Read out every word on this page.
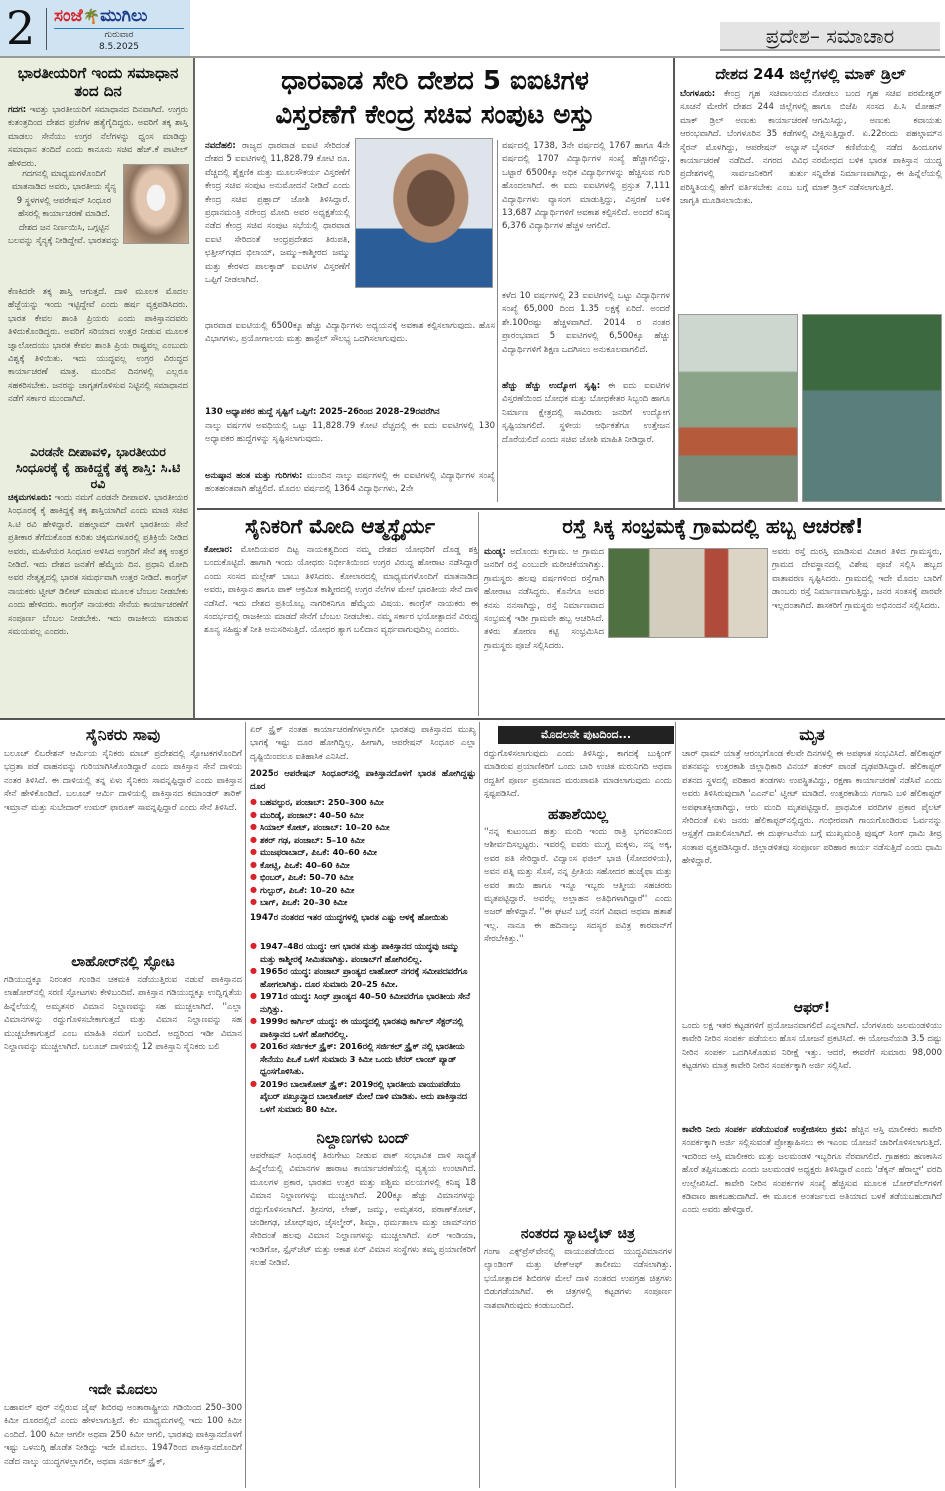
2 ಸಂಜೆ🌴ಮುಗಿಲು
ಗುರುವಾರ
8.5.2025	ಪ್ರದೇಶ– ಸಮಾಚಾರ
ಭಾರತೀಯರಿಗೆ ಇಂದು ಸಮಾಧಾನ ತಂದ ದಿನ
ಗದಗ: ಇವತ್ತು ಭಾರತೀಯರಿಗೆ ಸಮಾಧಾನದ ದಿನವಾಗಿದೆ. ಉಗ್ರರು ಕುತಂತ್ರದಿಂದ ದೇಶದ ಪ್ರಜೆಗಳ ಹತ್ಯೆಗೈದಿದ್ದರು. ಅವರಿಗೆ ತಕ್ಕ ಶಾಸ್ತಿ ಮಾಡಲು ಸೇನೆಯು ಉಗ್ರರ ನೆಲೆಗಳನ್ನು ಧ್ವಂಸ ಮಾಡಿದ್ದು ಸಮಾಧಾನ ತಂದಿದೆ ಎಂದು ಕಾನೂನು ಸಚಿವ ಹೆಚ್.ಕೆ ಪಾಟೀಲ್ ಹೇಳಿದರು.
ಗದಗನಲ್ಲಿ ಮಾಧ್ಯಮಗಳೊಂದಿಗೆ ಮಾತನಾಡಿದ ಅವರು, ಭಾರತೀಯ ಸೈನ್ಯ 9 ಸ್ಥಳಗಳಲ್ಲಿ ಆಪರೇಷನ್ ಸಿಂಧೂರ ಹೆಸರಲ್ಲಿ ಕಾರ್ಯಾಚರಣೆ ಮಾಡಿದೆ. ದೇಶದ ಜನ ನಿರ್ಣಯಿಸಿ, ಒಗ್ಗಟ್ಟಿನ ಬಲವನ್ನು ಸೈನ್ಯಕ್ಕೆ ನೀಡಿದ್ದೇವೆ. ಭಾರತವನ್ನು
ಕೆಣಕಿದರೇ ತಕ್ಕ ಶಾಸ್ತಿ ಆಗುತ್ತದೆ. ದಾಳಿ ಮೂಲಕ ಮೊದಲ ಹೆಜ್ಜೆಯನ್ನು ಇಂದು ಇಟ್ಟಿದ್ದೇವೆ ಎಂದು ಹರ್ಷ ವ್ಯಕ್ತಪಡಿಸಿದರು. ಭಾರತ ಕೇವಲ ಶಾಂತಿ ಪ್ರಿಯರು ಎಂದು ಪಾಕಿಸ್ತಾನದವರು ತಿಳಿದುಕೊಂಡಿದ್ದರು. ಅವರಿಗೆ ಸರಿಯಾದ ಉತ್ತರ ನೀಡುವ ಮೂಲಕ ಜ್ವಾಲೋದಯು ಭಾರತ ಕೇವಲ ಶಾಂತಿ ಪ್ರಿಯ ರಾಷ್ಟ್ರವಲ್ಲ ಎಂಬುದು ವಿಶ್ವಕ್ಕೆ ತಿಳಿಯಿತು. ಇದು ಯುದ್ಧವಲ್ಲ ಉಗ್ರರ ವಿರುದ್ಧದ ಕಾರ್ಯಾಚರಣೆ ಮಾತ್ರ. ಮುಂದಿನ ದಿನಗಳಲ್ಲಿ ಎಲ್ಲರೂ ಸಹಕರಿಸಬೇಕು. ಜನರನ್ನು ಜಾಗೃತಗೊಳಿಸುವ ನಿಟ್ಟಿನಲ್ಲಿ ಸಮಾಧಾನದ ನಡೆಗೆ ಸರ್ಕಾರ ಮುಂದಾಗಿದೆ.
ಎರಡನೇ ದೀಪಾವಳಿ, ಭಾರತೀಯರ ಸಿಂಧೂರಕ್ಕೆ ಕೈ ಹಾಕಿದ್ದಕ್ಕೆ ತಕ್ಕ ಶಾಸ್ತಿ: ಸಿ.ಟಿ ರವಿ
ಚಿಕ್ಕಮಗಳೂರು: ಇಂದು ನಮಗೆ ಎರಡನೇ ದೀಪಾವಳಿ. ಭಾರತೀಯರ ಸಿಂಧೂರಕ್ಕೆ ಕೈ ಹಾಕಿದ್ದಕ್ಕೆ ತಕ್ಕ ಶಾಸ್ತಿಯಾಗಿದೆ ಎಂದು ಮಾಜಿ ಸಚಿವ ಸಿ.ಟಿ ರವಿ ಹೇಳಿದ್ದಾರೆ. ಪಹಲ್ಗಾಮ್ ದಾಳಿಗೆ ಭಾರತೀಯ ಸೇನೆ ಪ್ರತೀಕಾರ ತೆಗೆದುಕೊಂಡ ಕುರಿತು ಚಿಕ್ಕಮಗಳೂರಲ್ಲಿ ಪ್ರತಿಕ್ರಿಯೆ ನೀಡಿದ ಅವರು, ಮಹಿಳೆಯರ ಸಿಂಧೂರ ಅಳಿಸಿದ ಉಗ್ರರಿಗೆ ಸೇನೆ ತಕ್ಕ ಉತ್ತರ ನೀಡಿದೆ. ಇದು ದೇಶದ ಜನತೆಗೆ ಹೆಮ್ಮೆಯ ದಿನ. ಪ್ರಧಾನಿ ಮೋದಿ ಅವರ ನೇತೃತ್ವದಲ್ಲಿ ಭಾರತ ಸಮರ್ಥವಾಗಿ ಉತ್ತರ ನೀಡಿದೆ. ಕಾಂಗ್ರೆಸ್ ನಾಯಕರು ಟ್ವೀಟ್ ಡಿಲೀಟ್ ಮಾಡುವ ಮೂಲಕ ಬೆಂಬಲ ನೀಡಬೇಕು ಎಂದು ಹೇಳಿದರು. ಕಾಂಗ್ರೆಸ್ ನಾಯಕರು ಸೇನೆಯ ಕಾರ್ಯಾಚರಣೆಗೆ ಸಂಪೂರ್ಣ ಬೆಂಬಲ ನೀಡಬೇಕು. ಇದು ರಾಜಕೀಯ ಮಾಡುವ ಸಮಯವಲ್ಲ ಎಂದರು.
ಧಾರವಾಡ ಸೇರಿ ದೇಶದ 5 ಐಐಟಿಗಳ
ವಿಸ್ತರಣೆಗೆ ಕೇಂದ್ರ ಸಚಿವ ಸಂಪುಟ ಅಸ್ತು
ನವದೆಹಲಿ: ರಾಜ್ಯದ ಧಾರವಾಡ ಐಐಟಿ ಸೇರಿದಂತೆ ದೇಶದ 5 ಐಐಟಿಗಳಲ್ಲಿ 11,828.79 ಕೋಟಿ ರೂ. ವೆಚ್ಚದಲ್ಲಿ ಶೈಕ್ಷಣಿಕ ಮತ್ತು ಮೂಲಸೌಕರ್ಯ ವಿಸ್ತರಣೆಗೆ ಕೇಂದ್ರ ಸಚಿವ ಸಂಪುಟ ಅನುಮೋದನೆ ನೀಡಿದೆ ಎಂದು ಕೇಂದ್ರ ಸಚಿವ ಪ್ರಹ್ಲಾದ್ ಜೋಶಿ ತಿಳಿಸಿದ್ದಾರೆ. ಪ್ರಧಾನಮಂತ್ರಿ ನರೇಂದ್ರ ಮೋದಿ ಅವರ ಅಧ್ಯಕ್ಷತೆಯಲ್ಲಿ ನಡೆದ ಕೇಂದ್ರ ಸಚಿವ ಸಂಪುಟ ಸಭೆಯಲ್ಲಿ ಧಾರವಾಡ ಐಐಟಿ ಸೇರಿದಂತೆ ಆಂಧ್ರಪ್ರದೇಶದ ತಿರುಪತಿ, ಛತ್ತೀಸ್‌ಗಢದ ಭಿಲಾಯ್, ಜಮ್ಮು–ಕಾಶ್ಮೀರದ ಜಮ್ಮು ಮತ್ತು ಕೇರಳದ ಪಾಲಕ್ಕಾಡ್ ಐಐಟಿಗಳ ವಿಸ್ತರಣೆಗೆ ಒಪ್ಪಿಗೆ ನೀಡಲಾಗಿದೆ.
ಧಾರವಾಡ ಐಐಟಿಯಲ್ಲಿ 6500ಕ್ಕೂ ಹೆಚ್ಚು ವಿದ್ಯಾರ್ಥಿಗಳು ಅಧ್ಯಯನಕ್ಕೆ ಅವಕಾಶ ಕಲ್ಪಿಸಲಾಗುವುದು. ಹೊಸ ವಿಭಾಗಗಳು, ಪ್ರಯೋಗಾಲಯ ಮತ್ತು ಹಾಸ್ಟೆಲ್ ಸೌಲಭ್ಯ ಒದಗಿಸಲಾಗುವುದು.
130 ಅಧ್ಯಾಪಕರ ಹುದ್ದೆ ಸೃಷ್ಟಿಗೆ ಒಪ್ಪಿಗೆ: 2025–26ರಿಂದ 2028–29ರವರೆಗಿನ
ನಾಲ್ಕು ವರ್ಷಗಳ ಅವಧಿಯಲ್ಲಿ ಒಟ್ಟು 11,828.79 ಕೋಟಿ ವೆಚ್ಚದಲ್ಲಿ ಈ ಐದು ಐಐಟಿಗಳಲ್ಲಿ 130 ಅಧ್ಯಾಪಕರ ಹುದ್ದೆಗಳನ್ನು ಸೃಷ್ಟಿಸಲಾಗುವುದು.
ಅನುಷ್ಠಾನ ಹಂತ ಮತ್ತು ಗುರಿಗಳು: ಮುಂದಿನ ನಾಲ್ಕು ವರ್ಷಗಳಲ್ಲಿ ಈ ಐಐಟಿಗಳಲ್ಲಿ ವಿದ್ಯಾರ್ಥಿಗಳ ಸಂಖ್ಯೆ ಹಂತಹಂತವಾಗಿ ಹೆಚ್ಚಲಿದೆ. ಮೊದಲ ವರ್ಷದಲ್ಲಿ 1364 ವಿದ್ಯಾರ್ಥಿಗಳು, 2ನೇ
ವರ್ಷದಲ್ಲಿ 1738, 3ನೇ ವರ್ಷದಲ್ಲಿ 1767 ಹಾಗೂ 4ನೇ ವರ್ಷದಲ್ಲಿ 1707 ವಿದ್ಯಾರ್ಥಿಗಳ ಸಂಖ್ಯೆ ಹೆಚ್ಚಾಗಲಿದ್ದು, ಒಟ್ಟಾರೆ 6500ಕ್ಕೂ ಅಧಿಕ ವಿದ್ಯಾರ್ಥಿಗಳನ್ನು ಹೆಚ್ಚಿಸುವ ಗುರಿ ಹೊಂದಲಾಗಿದೆ. ಈ ಐದು ಐಐಟಿಗಳಲ್ಲಿ ಪ್ರಸ್ತುತ 7,111 ವಿದ್ಯಾರ್ಥಿಗಳು ವ್ಯಾಸಂಗ ಮಾಡುತ್ತಿದ್ದು, ವಿಸ್ತರಣೆ ಬಳಿಕ 13,687 ವಿದ್ಯಾರ್ಥಿಗಳಿಗೆ ಅವಕಾಶ ಕಲ್ಪಿಸಲಿದೆ. ಅಂದರೆ ಕನಿಷ್ಠ 6,376 ವಿದ್ಯಾರ್ಥಿಗಳ ಹೆಚ್ಚಳ ಆಗಲಿದೆ.
ಕಳೆದ 10 ವರ್ಷಗಳಲ್ಲಿ 23 ಐಐಟಿಗಳಲ್ಲಿ ಒಟ್ಟು ವಿದ್ಯಾರ್ಥಿಗಳ ಸಂಖ್ಯೆ 65,000 ದಿಂದ 1.35 ಲಕ್ಷಕ್ಕೆ ಏರಿದೆ. ಅಂದರೆ ಶೇ.100ರಷ್ಟು ಹೆಚ್ಚಳವಾಗಿದೆ. 2014 ರ ನಂತರ ಪ್ರಾರಂಭವಾದ 5 ಐಐಟಿಗಳಲ್ಲಿ 6,500ಕ್ಕೂ ಹೆಚ್ಚು ವಿದ್ಯಾರ್ಥಿಗಳಿಗೆ ಶಿಕ್ಷಣ ಒದಗಿಸಲು ಅನುಕೂಲವಾಗಲಿದೆ.
ಹೆಚ್ಚು ಹೆಚ್ಚು ಉದ್ಯೋಗ ಸೃಷ್ಟಿ: ಈ ಐದು ಐಐಟಿಗಳ ವಿಸ್ತರಣೆಯಿಂದ ಬೋಧಕ ಮತ್ತು ಬೋಧಕೇತರ ಸಿಬ್ಬಂದಿ ಹಾಗೂ ನಿರ್ಮಾಣ ಕ್ಷೇತ್ರದಲ್ಲಿ ಸಾವಿರಾರು ಜನರಿಗೆ ಉದ್ಯೋಗ ಸೃಷ್ಟಿಯಾಗಲಿದೆ. ಸ್ಥಳೀಯ ಆರ್ಥಿಕತೆಗೂ ಉತ್ತೇಜನ ದೊರೆಯಲಿದೆ ಎಂದು ಸಚಿವ ಜೋಶಿ ಮಾಹಿತಿ ನೀಡಿದ್ದಾರೆ.
ದೇಶದ 244 ಜಿಲ್ಲೆಗಳಲ್ಲಿ ಮಾಕ್ ಡ್ರಿಲ್
ಬೆಂಗಳೂರು: ಕೇಂದ್ರ ಗೃಹ ಸಚಿವಾಲಯದ ಸೂಚನೆ ಮೇರೆಗೆ ದೇಶದ 244 ಜಿಲ್ಲೆಗಳಲ್ಲಿ ಮಾಕ್ ಡ್ರಿಲ್ ಅಣುಕು ಕಾರ್ಯಾಚರಣೆ ಆರಂಭವಾಗಿದೆ. ಬೆಂಗಳೂರಿನ 35 ಕಡೆಗಳಲ್ಲಿ ಸೈರನ್ ಮೊಳಗಿದ್ದು, ಆಪರೇಷನ್ ಅಭ್ಯಾಸ್ ಕಾರ್ಯಾಚರಣೆ ನಡೆದಿದೆ. ನಗರದ ವಿವಿಧ ಪ್ರದೇಶಗಳಲ್ಲಿ ಸಾರ್ವಜನಿಕರಿಗೆ ತುರ್ತು ಪರಿಸ್ಥಿತಿಯಲ್ಲಿ ಹೇಗೆ ವರ್ತಿಸಬೇಕು ಎಂಬ ಬಗ್ಗೆ ಜಾಗೃತಿ ಮೂಡಿಸಲಾಯಿತು.
ನೋಡಲು ಬಂದ ಗೃಹ ಸಚಿವ ಪರಮೇಶ್ವರ್ ಹಾಗೂ ಬಿಜೆಪಿ ಸಂಸದ ಪಿ.ಸಿ ಮೋಹನ್ ಆಗಮಿಸಿದ್ದು, ಅಣುಕು ಕವಾಯತು ವೀಕ್ಷಿಸುತ್ತಿದ್ದಾರೆ. ಏ.22ರಂದು ಪಹಲ್ಗಾಮ್‌ನ ಬೈಸರನ್ ಕಣಿವೆಯಲ್ಲಿ ನಡೆದ ಹಿಂದೂಗಳ ನರಮೇಧದ ಬಳಿಕ ಭಾರತ ಪಾಕಿಸ್ತಾನ ಯುದ್ಧ ಸನ್ನಿವೇಶ ನಿರ್ಮಾಣವಾಗಿದ್ದು, ಈ ಹಿನ್ನೆಲೆಯಲ್ಲಿ ಮಾಕ್ ಡ್ರಿಲ್ ನಡೆಸಲಾಗುತ್ತಿದೆ.
ಸೈನಿಕರಿಗೆ ಮೋದಿ ಆತ್ಮಸ್ಥೈರ್ಯ
ಕೋಲಾರ: ಮೋದಿಯವರ ದಿಟ್ಟ ನಾಯಕತ್ವದಿಂದ ನಮ್ಮ ದೇಶದ ಯೋಧರಿಗೆ ದೊಡ್ಡ ಶಕ್ತಿ ಬಂದುಕೊಟ್ಟಿದೆ. ಹಾಗಾಗಿ ಇಂದು ಯೋಧರು ನಿರ್ಭೀತಿಯಿಂದ ಉಗ್ರರ ವಿರುದ್ಧ ಹೋರಾಟ ನಡೆಸಿದ್ದಾರೆ ಎಂದು ಸಂಸದ ಮಲ್ಲೇಶ್ ಬಾಬು ತಿಳಿಸಿದರು. ಕೋಲಾರದಲ್ಲಿ ಮಾಧ್ಯಮಗಳೊಂದಿಗೆ ಮಾತನಾಡಿದ ಅವರು, ಪಾಕಿಸ್ತಾನ ಹಾಗೂ ಪಾಕ್ ಆಕ್ರಮಿತ ಕಾಶ್ಮೀರದಲ್ಲಿ ಉಗ್ರರ ನೆಲೆಗಳ ಮೇಲೆ ಭಾರತೀಯ ಸೇನೆ ದಾಳಿ ನಡೆಸಿದೆ. ಇದು ದೇಶದ ಪ್ರತಿಯೊಬ್ಬ ನಾಗರಿಕನಿಗೂ ಹೆಮ್ಮೆಯ ವಿಷಯ. ಕಾಂಗ್ರೆಸ್ ನಾಯಕರು ಈ ಸಂದರ್ಭದಲ್ಲಿ ರಾಜಕೀಯ ಮಾಡದೆ ಸೇನೆಗೆ ಬೆಂಬಲ ನೀಡಬೇಕು. ನಮ್ಮ ಸರ್ಕಾರ ಭಯೋತ್ಪಾದನೆ ವಿರುದ್ಧ ಶೂನ್ಯ ಸಹಿಷ್ಣುತೆ ನೀತಿ ಅನುಸರಿಸುತ್ತಿದೆ. ಯೋಧರ ತ್ಯಾಗ ಬಲಿದಾನ ವ್ಯರ್ಥವಾಗುವುದಿಲ್ಲ ಎಂದರು.
ರಸ್ತೆ ಸಿಕ್ಕ ಸಂಭ್ರಮಕ್ಕೆ ಗ್ರಾಮದಲ್ಲಿ ಹಬ್ಬ ಆಚರಣೆ!
ಮಂಡ್ಯ: ಅದೊಂದು ಕುಗ್ರಾಮ. ಆ ಗ್ರಾಮದ ಜನರಿಗೆ ರಸ್ತೆ ಎಂಬುದೇ ಮರೀಚಿಕೆಯಾಗಿತ್ತು. ಗ್ರಾಮಸ್ಥರು ಹಲವು ವರ್ಷಗಳಿಂದ ರಸ್ತೆಗಾಗಿ ಹೋರಾಟ ನಡೆಸಿದ್ದರು. ಕೊನೆಗೂ ಅವರ ಕನಸು ನನಸಾಗಿದ್ದು, ರಸ್ತೆ ನಿರ್ಮಾಣವಾದ ಸಂಭ್ರಮಕ್ಕೆ ಇಡೀ ಗ್ರಾಮವೇ ಹಬ್ಬ ಆಚರಿಸಿದೆ. ತಳಿರು ತೋರಣ ಕಟ್ಟಿ ಸಂಭ್ರಮಿಸಿದ ಗ್ರಾಮಸ್ಥರು ಪೂಜೆ ಸಲ್ಲಿಸಿದರು.
ಅವರು ರಸ್ತೆ ದುರಸ್ತಿ ಮಾಡಿಸುವ ವಿಚಾರ ತಿಳಿದ ಗ್ರಾಮಸ್ಥರು, ಗ್ರಾಮದ ದೇವಸ್ಥಾನದಲ್ಲಿ ವಿಶೇಷ ಪೂಜೆ ಸಲ್ಲಿಸಿ ಹಬ್ಬದ ವಾತಾವರಣ ಸೃಷ್ಟಿಸಿದರು. ಗ್ರಾಮದಲ್ಲಿ ಇದೇ ಮೊದಲ ಬಾರಿಗೆ ಡಾಂಬರು ರಸ್ತೆ ನಿರ್ಮಾಣವಾಗುತ್ತಿದ್ದು, ಜನರ ಸಂತಸಕ್ಕೆ ಪಾರವೇ ಇಲ್ಲದಂತಾಗಿದೆ. ಶಾಸಕರಿಗೆ ಗ್ರಾಮಸ್ಥರು ಅಭಿನಂದನೆ ಸಲ್ಲಿಸಿದರು.
ಸೈನಿಕರು ಸಾವು
ಬಲೂಚ್ ಲಿಬರೇಶನ್ ಆರ್ಮಿಯ ಸೈನಿಕರು ಮಾಚ್ ಪ್ರದೇಶದಲ್ಲಿ ಸ್ಫೋಟಕಗಳೊಂದಿಗೆ ಭದ್ರತಾ ಪಡೆ ವಾಹನವನ್ನು ಗುರಿಯಾಗಿಸಿಕೊಂಡಿದ್ದಾರೆ ಎಂದು ಪಾಕಿಸ್ತಾನ ಸೇನೆ ದಾಳಿಯ ನಂತರ ತಿಳಿಸಿದೆ. ಈ ದಾಳಿಯಲ್ಲಿ ತನ್ನ ಏಳು ಸೈನಿಕರು ಸಾವನ್ನಪ್ಪಿದ್ದಾರೆ ಎಂದು ಪಾಕಿಸ್ತಾನ ಸೇನೆ ಹೇಳಿಕೊಂಡಿದೆ. ಬಲೂಚ್ ಆರ್ಮಿ ದಾಳಿಯಲ್ಲಿ ಪಾಕಿಸ್ತಾನದ ಕಮಾಂಡರ್ ತಾರಿಕ್ ಇಮ್ರಾನ್ ಮತ್ತು ಸುಬೇದಾರ್ ಉಮರ್ ಫಾರೂಕ್ ಸಾವನ್ನಪ್ಪಿದ್ದಾರೆ ಎಂದು ಸೇನೆ ತಿಳಿಸಿದೆ.
ಲಾಹೋರ್‌ನಲ್ಲಿ ಸ್ಫೋಟ
ಗಡಿಯುದ್ದಕ್ಕೂ ನಿರಂತರ ಗುಂಡಿನ ಚಕಮಕಿ ನಡೆಯುತ್ತಿರುವ ನಡುವೆ ಪಾಕಿಸ್ತಾನದ ಲಾಹೋರ್‌ನಲ್ಲಿ ಸರಣಿ ಸ್ಫೋಟಗಳು ಕೇಳಿಬಂದಿವೆ. ಪಾಕಿಸ್ತಾನ ಗಡಿಯುದ್ದಕ್ಕೂ ಉದ್ವಿಗ್ನತೆಯ ಹಿನ್ನೆಲೆಯಲ್ಲಿ ಅಮೃತಸರ ವಿಮಾನ ನಿಲ್ದಾಣವನ್ನು ಸಹ ಮುಚ್ಚಲಾಗಿದೆ. ''ಎಲ್ಲಾ ವಿಮಾನಗಳನ್ನು ರದ್ದುಗೊಳಿಸಬೇಕಾಗುತ್ತದೆ ಮತ್ತು ವಿಮಾನ ನಿಲ್ದಾಣವನ್ನು ಸಹ ಮುಚ್ಚಬೇಕಾಗುತ್ತದೆ ಎಂಬ ಮಾಹಿತಿ ನಮಗೆ ಬಂದಿದೆ. ಅದ್ದರಿಂದ ಇಡೀ ವಿಮಾನ ನಿಲ್ದಾಣವನ್ನು ಮುಚ್ಚಲಾಗಿದೆ. ಬಲೂಚ್ ದಾಳಿಯಲ್ಲಿ 12 ಪಾಕಿಸ್ತಾನಿ ಸೈನಿಕರು ಬಲಿ
ಇದೇ ಮೊದಲು
ಬಹಾವಲ್ ಪುರ್ ನಲ್ಲಿರುವ ಜೈಷ್ ಶಿಬಿರವು ಅಂತಾರಾಷ್ಟ್ರೀಯ ಗಡಿಯಿಂದ 250–300 ಕಿಮೀ ದೂರದಲ್ಲಿದೆ ಎಂದು ಹೇಳಲಾಗುತ್ತಿದೆ. ಕೆಲ ಮಾಧ್ಯಮಗಳಲ್ಲಿ ಇದು 100 ಕಿಮೀ ಎಂದಿದೆ. 100 ಕಿಮೀ ಆಗಲೀ ಅಥವಾ 250 ಕಿಮೀ ಆಗಲಿ, ಭಾರತವು ಪಾಕಿಸ್ತಾನದೊಳಗೆ ಇಷ್ಟು ಒಳನುಗ್ಗಿ ಹೊಡೆತ ನೀಡಿದ್ದು ಇದೇ ಮೊದಲು. 1947ರಿಂದ ಪಾಕಿಸ್ತಾನದೊಂದಿಗೆ ನಡೆದ ನಾಲ್ಕು ಯುದ್ಧಗಳಲ್ಲಾಗಲೀ, ಅಥವಾ ಸರ್ಜಿಕಲ್ ಸ್ಟ್ರೈಕ್,
ಏರ್ ಸ್ಟ್ರೈಕ್ ನಂತಹ ಕಾರ್ಯಾಚರಣೆಗಳಲ್ಲಾಗಲೀ ಭಾರತವು ಪಾಕಿಸ್ತಾನದ ಮುಖ್ಯ ಭಾಗಕ್ಕೆ ಇಷ್ಟು ದೂರ ಹೋಗಿದ್ದಿಲ್ಲ. ಹೀಗಾಗಿ, ಆಪರೇಷನ್ ಸಿಂಧೂರ ಎಲ್ಲಾ ದೃಷ್ಟಿಯಿಂದಲೂ ಐತಿಹಾಸಿಕ ಎನಿಸಿದೆ.
2025ರ ಆಪರೇಷನ್ ಸಿಂಧೂರ್‌ನಲ್ಲಿ ಪಾಕಿಸ್ತಾನದೊಳಗೆ ಭಾರತ ಹೋಗಿದ್ದಷ್ಟು ದೂರ
● ಬಹವಲ್ಪುರ, ಪಂಜಾಬ್: 250–300 ಕಿಮೀ
● ಮುರಿಡ್ಕೆ, ಪಂಜಾಬ್: 40–50 ಕಿಮೀ
● ಸಿಯಾಲ್ ಕೋಟ್, ಪಂಜಾಬ್: 10–20 ಕಿಮೀ
● ಶಕರ್ ಗಢ, ಪಂಜಾಬ್: 5–10 ಕಿಮೀ
● ಮುಜಫರಾಬಾದ್, ಪಿಒಕೆ: 40–60 ಕಿಮೀ
● ಕೋಟ್ಲಿ, ಪಿಒಕೆ: 40–60 ಕಿಮೀ
● ಭಿಂಬರ್, ಪಿಒಕೆ: 50–70 ಕಿಮೀ
● ಗುಲ್ಪುರ್, ಪಿಒಕೆ: 10–20 ಕಿಮೀ
● ಬಾಗ್, ಪಿಒಕೆ: 20–30 ಕಿಮೀ
1947ರ ನಂತರದ ಇತರ ಯುದ್ಧಗಳಲ್ಲಿ ಭಾರತ ಎಷ್ಟು ಆಳಕ್ಕೆ ಹೋಯಿತು
● 1947–48ರ ಯುದ್ಧ: ಆಗ ಭಾರತ ಮತ್ತು ಪಾಕಿಸ್ತಾನದ ಯುದ್ಧವು ಜಮ್ಮು ಮತ್ತು ಕಾಶ್ಮೀರಕ್ಕೆ ಸೀಮಿತವಾಗಿತ್ತು. ಪಂಜಾಬ್‌ಗೆ ಹೋಗಿರಲಿಲ್ಲ.
● 1965ರ ಯುದ್ಧ: ಪಂಜಾಬ್ ಪ್ರಾಂತ್ಯದ ಲಾಹೋರ್ ನಗರಕ್ಕೆ ಸಮೀಪದವರೆಗೂ ಹೋಗಲಾಗಿತ್ತು. ದೂರ ಸುಮಾರು 20–25 ಕಿಮೀ.
● 1971ರ ಯುದ್ಧ: ಸಿಂಧ್ ಪ್ರಾಂತ್ಯದ 40–50 ಕಿಮೀವರೆಗೂ ಭಾರತೀಯ ಸೇನೆ ನುಗ್ಗಿತ್ತು.
● 1999ರ ಕಾರ್ಗಿಲ್ ಯುದ್ಧ: ಈ ಯುದ್ಧದಲ್ಲಿ ಭಾರತವು ಕಾರ್ಗಿಲ್ ಸೆಕ್ಟರ್‌ನಲ್ಲಿ ಪಾಕಿಸ್ತಾನದ ಒಳಗೆ ಹೋಗಿರಲಿಲ್ಲ.
● 2016ರ ಸರ್ಜಿಕಲ್ ಸ್ಟ್ರೈಕ್: 2016ರಲ್ಲಿ ಸರ್ಜಿಕಲ್ ಸ್ಟ್ರೈಕ್ ನಲ್ಲಿ ಭಾರತೀಯ ಸೇನೆಯು ಪಿಒಕೆ ಒಳಗೆ ಸುಮಾರು 3 ಕಿಮೀ ಒಂದು ಟೆರರ್ ಲಾಂಚ್ ಪ್ಯಾಡ್ ಧ್ವಂಸಗೊಳಿಸಿತು.
● 2019ರ ಬಾಲಾಕೋಟ್ ಸ್ಟ್ರೈಕ್: 2019ರಲ್ಲಿ ಭಾರತೀಯ ವಾಯುಪಡೆಯು ಖೈಬರ್ ಪಖ್ತೂನ್ಖ್ವಾದ ಬಾಲಾಕೋಟ್ ಮೇಲೆ ದಾಳಿ ಮಾಡಿತು. ಅದು ಪಾಕಿಸ್ತಾನದ ಒಳಗೆ ಸುಮಾರು 80 ಕಿಮೀ.
ನಿಲ್ದಾಣಗಳು ಬಂದ್
ಆಪರೇಷನ್ ಸಿಂಧೂರಕ್ಕೆ ತಿರುಗೇಟು ನೀಡುವ ಪಾಕ್ ಸಂಭಾವಿತ ದಾಳಿ ಸಾಧ್ಯತೆ ಹಿನ್ನೆಲೆಯಲ್ಲಿ ವಿಮಾನಗಳ ಹಾರಾಟ ಕಾರ್ಯಾಚರಣೆಯಲ್ಲಿ ವ್ಯತ್ಯಯ ಉಂಟಾಗಿದೆ. ಮೂಲಗಳ ಪ್ರಕಾರ, ಭಾರತದ ಉತ್ತರ ಮತ್ತು ಪಶ್ಚಿಮ ವಲಯಗಳಲ್ಲಿ ಕನಿಷ್ಠ 18 ವಿಮಾನ ನಿಲ್ದಾಣಗಳನ್ನು ಮುಚ್ಚಲಾಗಿದೆ. 200ಕ್ಕೂ ಹೆಚ್ಚು ವಿಮಾನಗಳನ್ನು ರದ್ದುಗೊಳಿಸಲಾಗಿದೆ. ಶ್ರೀನಗರ, ಲೇಹ್, ಜಮ್ಮು, ಅಮೃತಸರ, ಪಠಾಣ್‌ಕೋಟ್, ಚಂಡೀಗಢ, ಜೋಧ್‌ಪುರ, ಜೈಸಲ್ಮೇರ್, ಶಿಮ್ಲಾ, ಧರ್ಮಶಾಲಾ ಮತ್ತು ಜಾಮ್‌ನಗರ ಸೇರಿದಂತೆ ಹಲವು ವಿಮಾನ ನಿಲ್ದಾಣಗಳನ್ನು ಮುಚ್ಚಲಾಗಿದೆ. ಏರ್ ಇಂಡಿಯಾ, ಇಂಡಿಗೋ, ಸ್ಪೈಸ್‌ಜೆಟ್ ಮತ್ತು ಆಕಾಶ ಏರ್ ವಿಮಾನ ಸಂಸ್ಥೆಗಳು ತಮ್ಮ ಪ್ರಯಾಣಿಕರಿಗೆ ಸಲಹೆ ನೀಡಿವೆ.
ಮೊದಲನೇ ಪುಟದಿಂದ...
ರದ್ದುಗೊಳಿಸಲಾಗುವುದು ಎಂದು ತಿಳಿಸಿದ್ದು, ಕಾಗದಕ್ಕೆ ಬುಕ್ಕಿಂಗ್ ಮಾಡಿರುವ ಪ್ರಯಾಣಿಕರಿಗೆ ಒಂದು ಬಾರಿ ಉಚಿತ ಮರುನಿಗದಿ ಅಥವಾ ರದ್ದತಿಗೆ ಪೂರ್ಣ ಪ್ರಮಾಣದ ಮರುಪಾವತಿ ಮಾಡಲಾಗುವುದು ಎಂದು ಸ್ಪಷ್ಟಪಡಿಸಿದೆ.
ಹತಾಶೆಯಿಲ್ಲ
''ನನ್ನ ಕುಟುಂಬದ ಹತ್ತು ಮಂದಿ ಇಂದು ರಾತ್ರಿ ಭಗವಂತನಿಂದ ಆಶೀರ್ವದಿಸಲ್ಪಟ್ಟರು. ಇವರಲ್ಲಿ ಐವರು ಮುಗ್ಧ ಮಕ್ಕಳು, ನನ್ನ ಅಕ್ಕ, ಅವರ ಪತಿ ಸೇರಿದ್ದಾರೆ. ವಿದ್ವಾಂಸ ಫಜಿಲ್ ಭಾಜಿ (ಸೋದರಳಿಯ), ಅವನ ಪತ್ನಿ ಮತ್ತು ಸೊಸೆ, ನನ್ನ ಪ್ರೀತಿಯ ಸಹೋದರ ಹುಜೈಫಾ ಮತ್ತು ಅವರ ತಾಯಿ ಹಾಗೂ ಇನ್ನೂ ಇಬ್ಬರು ಆತ್ಮೀಯ ಸಹಚರರು ಮೃತಪಟ್ಟಿದ್ದಾರೆ. ಅವರೆಲ್ಲ ಅಲ್ಲಾಹನ ಅತಿಥಿಗಳಾಗಿದ್ದಾರೆ'' ಎಂದು ಅಜರ್ ಹೇಳಿದ್ದಾನೆ. ''ಈ ಘಟನೆ ಬಗ್ಗೆ ನನಗೆ ವಿಷಾದ ಅಥವಾ ಹತಾಶೆ ಇಲ್ಲ. ನಾನೂ ಈ ಹದಿನಾಲ್ಕು ಸದಸ್ಯರ ಪವಿತ್ರ ಕಾರವಾನ್‌ಗೆ ಸೇರಬೇಕಿತ್ತು.''
ನಂತರದ ಸ್ಯಾಟಲೈಟ್ ಚಿತ್ರ
ಗಂಗಾ ಎಕ್ಸ್‌ಪ್ರೆಸ್‌ವೇನಲ್ಲಿ ವಾಯುಪಡೆಯಿಂದ ಯುದ್ಧವಿಮಾನಗಳ ಲ್ಯಾಂಡಿಂಗ್ ಮತ್ತು ಟೇಕ್‌ಆಫ್ ತಾಲೀಮು ನಡೆಸಲಾಗಿತ್ತು. ಭಯೋತ್ಪಾದಕ ಶಿಬಿರಗಳ ಮೇಲೆ ದಾಳಿ ನಂತರದ ಉಪಗ್ರಹ ಚಿತ್ರಗಳು ಬಿಡುಗಡೆಯಾಗಿವೆ. ಈ ಚಿತ್ರಗಳಲ್ಲಿ ಕಟ್ಟಡಗಳು ಸಂಪೂರ್ಣ ನಾಶವಾಗಿರುವುದು ಕಂಡುಬಂದಿದೆ.
ಮೃತ
ಚಾರ್ ಧಾಮ್ ಯಾತ್ರೆ ಆರಂಭಗೊಂಡ ಕೆಲವೇ ದಿನಗಳಲ್ಲಿ ಈ ಅಪಘಾತ ಸಂಭವಿಸಿದೆ. ಹೆಲಿಕಾಪ್ಟರ್ ಪತನವನ್ನು ಉತ್ತರಕಾಶಿ ಜಿಲ್ಲಾಧಿಕಾರಿ ವಿನಯ್ ಶಂಕರ್ ಪಾಂಡೆ ದೃಢಪಡಿಸಿದ್ದಾರೆ. ಹೆಲಿಕಾಪ್ಟರ್ ಪತನದ ಸ್ಥಳದಲ್ಲಿ ಪರಿಹಾರ ತಂಡಗಳು ಉಪಸ್ಥಿತವಿದ್ದು, ರಕ್ಷಣಾ ಕಾರ್ಯಾಚರಣೆ ನಡೆಸಿವೆ ಎಂದು ಅವರು ತಿಳಿಸಿರುವುದಾಗಿ 'ಎಎನ್ಐ' ಟ್ವೀಟ್ ಮಾಡಿದೆ. ಉತ್ತರಕಾಶಿಯ ಗಂಗಾನಿ ಬಳಿ ಹೆಲಿಕಾಪ್ಟರ್ ಅಪಘಾತಕ್ಕೀಡಾಗಿದ್ದು, ಆರು ಮಂದಿ ಮೃತಪಟ್ಟಿದ್ದಾರೆ. ಪ್ರಾಥಮಿಕ ವರದಿಗಳ ಪ್ರಕಾರ ಪೈಲಟ್ ಸೇರಿದಂತೆ ಏಳು ಜನರು ಹೆಲಿಕಾಪ್ಟರ್‌ನಲ್ಲಿದ್ದರು. ಗಂಭೀರವಾಗಿ ಗಾಯಗೊಂಡಿರುವ ಓರ್ವನನ್ನು ಆಸ್ಪತ್ರೆಗೆ ದಾಖಲಿಸಲಾಗಿದೆ. ಈ ದುರ್ಘಟನೆಯ ಬಗ್ಗೆ ಮುಖ್ಯಮಂತ್ರಿ ಪುಷ್ಕರ್ ಸಿಂಗ್ ಧಾಮಿ ತೀವ್ರ ಸಂತಾಪ ವ್ಯಕ್ತಪಡಿಸಿದ್ದಾರೆ. ಜಿಲ್ಲಾಡಳಿತವು ಸಂಪೂರ್ಣ ಪರಿಹಾರ ಕಾರ್ಯ ನಡೆಸುತ್ತಿದೆ ಎಂದು ಧಾಮಿ ಹೇಳಿದ್ದಾರೆ.
ಆಫರ್!
ಒಂದು ಲಕ್ಷ ಇತರ ಕಟ್ಟಡಗಳಿಗೆ ಪ್ರಯೋಜನವಾಗಲಿದೆ ಎನ್ನಲಾಗಿದೆ. ಬೆಂಗಳೂರು ಜಲಮಂಡಳಿಯು ಕಾವೇರಿ ನೀರಿನ ಸಂಪರ್ಕ ಪಡೆಯಲು ಹೊಸ ಯೋಜನೆ ಪ್ರಕಟಿಸಿದೆ. ಈ ಯೋಜನೆಯಡಿ 3.5 ದಷ್ಟು ನೀರಿನ ಸಂಪರ್ಕ ಒದಗಿಸಿಕೊಡುವ ನಿರೀಕ್ಷೆ ಇತ್ತು. ಆದರೆ, ಈವರೆಗೆ ಸುಮಾರು 98,000 ಕಟ್ಟಡಗಳು ಮಾತ್ರ ಕಾವೇರಿ ನೀರಿನ ಸಂಪರ್ಕಕ್ಕಾಗಿ ಅರ್ಜಿ ಸಲ್ಲಿಸಿವೆ.
ಕಾವೇರಿ ನೀರು ಸಂಪರ್ಕ ಪಡೆಯುವಂತೆ ಉತ್ತೇಜಿಸಲು ಕ್ರಮ: ಹೆಚ್ಚಿನ ಆಸ್ತಿ ಮಾಲೀಕರು ಕಾವೇರಿ ಸಂಪರ್ಕಕ್ಕಾಗಿ ಅರ್ಜಿ ಸಲ್ಲಿಸುವಂತೆ ಪ್ರೋತ್ಸಾಹಿಸಲು ಈ ಇಎಂಐ ಯೋಜನೆ ಜಾರಿಗೊಳಿಸಲಾಗುತ್ತಿದೆ. ಇದರಿಂದ ಆಸ್ತಿ ಮಾಲೀಕರು ಮತ್ತು ಜಲಮಂಡಳಿ ಇಬ್ಬರಿಗೂ ನೆರವಾಗಲಿದೆ. ಗ್ರಾಹಕರು ಹಣಕಾಸಿನ ಹೊರೆ ತಪ್ಪಿಸಬಹುದು ಎಂದು ಜಲಮಂಡಳಿ ಅಧ್ಯಕ್ಷರು ತಿಳಿಸಿದ್ದಾರೆ ಎಂದು 'ಡೆಕ್ಕನ್ ಹೆರಾಲ್ಡ್' ವರದಿ ಉಲ್ಲೇಖಿಸಿದೆ. ಕಾವೇರಿ ನೀರಿನ ಸಂಪರ್ಕಗಳ ಸಂಖ್ಯೆ ಹೆಚ್ಚಿಸುವ ಮೂಲಕ ಬೋರ್‌ವೆಲ್‌ಗಳಿಗೆ ಕಡಿವಾಣ ಹಾಕಬಹುದಾಗಿದೆ. ಈ ಮೂಲಕ ಅಂತರ್ಜಲದ ಅತಿಯಾದ ಬಳಕೆ ತಡೆಯಬಹುದಾಗಿದೆ ಎಂದು ಅವರು ಹೇಳಿದ್ದಾರೆ.
